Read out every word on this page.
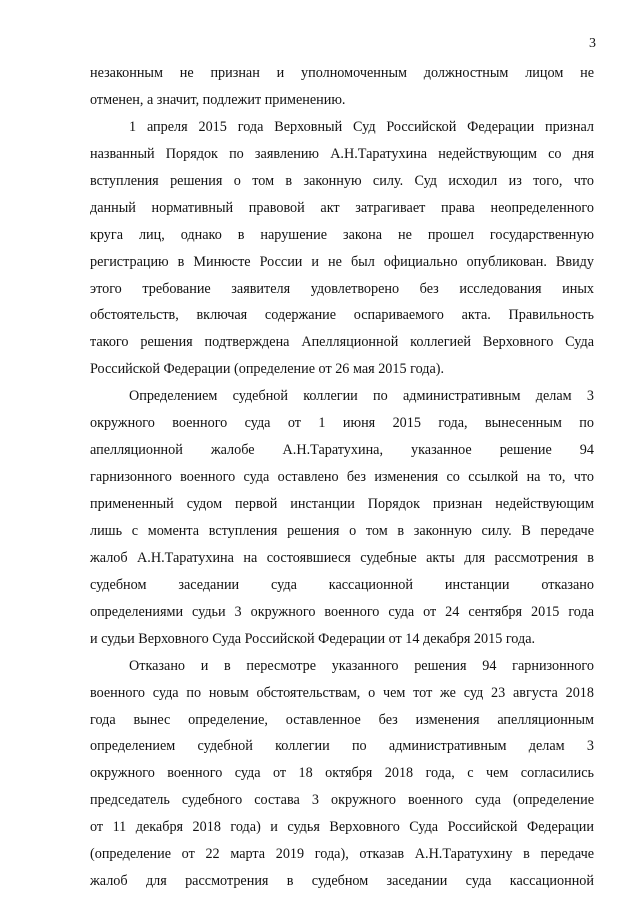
3
незаконным не признан и уполномоченным должностным лицом не
отменен, а значит, подлежит применению.
1 апреля 2015 года Верховный Суд Российской Федерации признал
названный Порядок по заявлению А.Н.Таратухина недействующим со дня
вступления решения о том в законную силу. Суд исходил из того, что
данный нормативный правовой акт затрагивает права неопределенного
круга лиц, однако в нарушение закона не прошел государственную
регистрацию в Минюсте России и не был официально опубликован. Ввиду
этого требование заявителя удовлетворено без исследования иных
обстоятельств, включая содержание оспариваемого акта. Правильность
такого решения подтверждена Апелляционной коллегией Верховного Суда
Российской Федерации (определение от 26 мая 2015 года).
Определением судебной коллегии по административным делам 3
окружного военного суда от 1 июня 2015 года, вынесенным по
апелляционной жалобе А.Н.Таратухина, указанное решение 94
гарнизонного военного суда оставлено без изменения со ссылкой на то, что
примененный судом первой инстанции Порядок признан недействующим
лишь с момента вступления решения о том в законную силу. В передаче
жалоб А.Н.Таратухина на состоявшиеся судебные акты для рассмотрения в
судебном заседании суда кассационной инстанции отказано
определениями судьи 3 окружного военного суда от 24 сентября 2015 года
и судьи Верховного Суда Российской Федерации от 14 декабря 2015 года.
Отказано и в пересмотре указанного решения 94 гарнизонного
военного суда по новым обстоятельствам, о чем тот же суд 23 августа 2018
года вынес определение, оставленное без изменения апелляционным
определением судебной коллегии по административным делам 3
окружного военного суда от 18 октября 2018 года, с чем согласились
председатель судебного состава 3 окружного военного суда (определение
от 11 декабря 2018 года) и судья Верховного Суда Российской Федерации
(определение от 22 марта 2019 года), отказав А.Н.Таратухину в передаче
жалоб для рассмотрения в судебном заседании суда кассационной
